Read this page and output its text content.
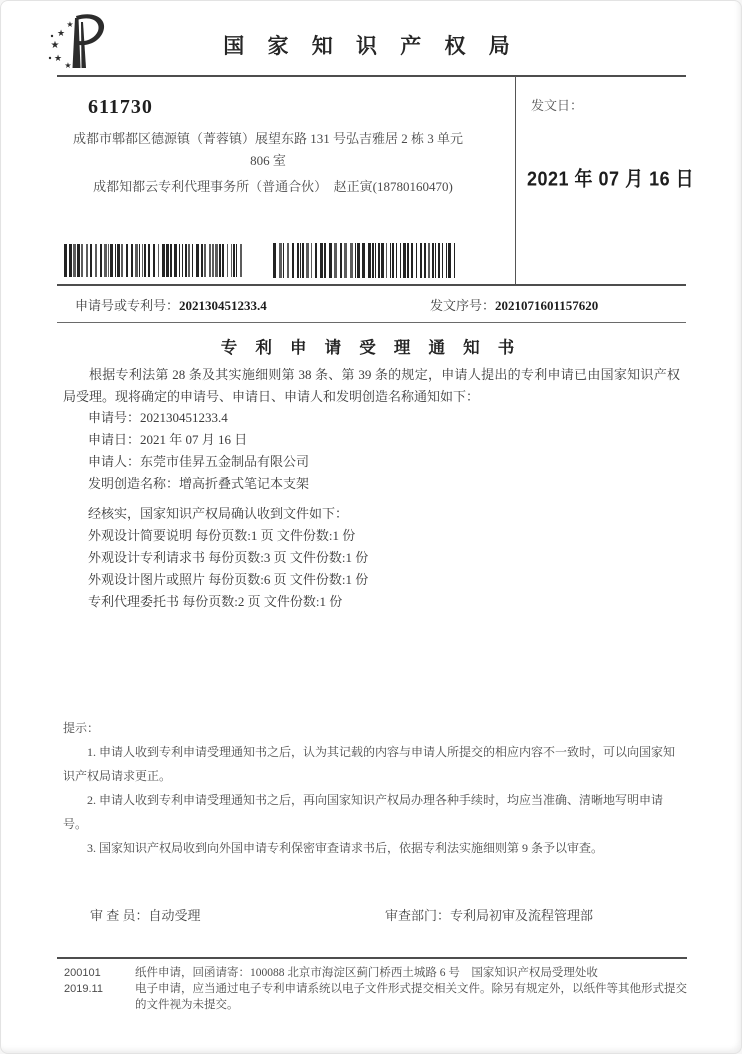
★
★
★
★
★
国 家 知 识 产 权 局
611730
成都市郫都区德源镇（菁蓉镇）展望东路 131 号弘吉雅居 2 栋 3 单元
806 室
成都知都云专利代理事务所（普通合伙）　赵正寅(18780160470)
发文日：
2021 年 07 月 16 日
申请号或专利号：202130451233.4	发文序号：2021071601157620
专 利 申 请 受 理 通 知 书
根据专利法第 28 条及其实施细则第 38 条、第 39 条的规定，申请人提出的专利申请已由国家知识产权局受理。现将确定的申请号、申请日、申请人和发明创造名称通知如下：
申请号：202130451233.4
申请日：2021 年 07 月 16 日
申请人：东莞市佳昇五金制品有限公司
发明创造名称：增高折叠式笔记本支架
经核实，国家知识产权局确认收到文件如下：
外观设计简要说明 每份页数:1 页 文件份数:1 份
外观设计专利请求书 每份页数:3 页 文件份数:1 份
外观设计图片或照片 每份页数:6 页 文件份数:1 份
专利代理委托书 每份页数:2 页 文件份数:1 份

提示：

1. 申请人收到专利申请受理通知书之后，认为其记载的内容与申请人所提交的相应内容不一致时，可以向国家知识产权局请求更正。

2. 申请人收到专利申请受理通知书之后，再向国家知识产权局办理各种手续时，均应当准确、清晰地写明申请号。

3. 国家知识产权局收到向外国申请专利保密审查请求书后，依据专利法实施细则第 9 条予以审查。

审 查 员：自动受理	审查部门：专利局初审及流程管理部
200101
2019.11

纸件申请，回函请寄：100088 北京市海淀区蓟门桥西土城路 6 号　国家知识产权局受理处收

电子申请，应当通过电子专利申请系统以电子文件形式提交相关文件。除另有规定外，以纸件等其他形式提交的文件视为未提交。
